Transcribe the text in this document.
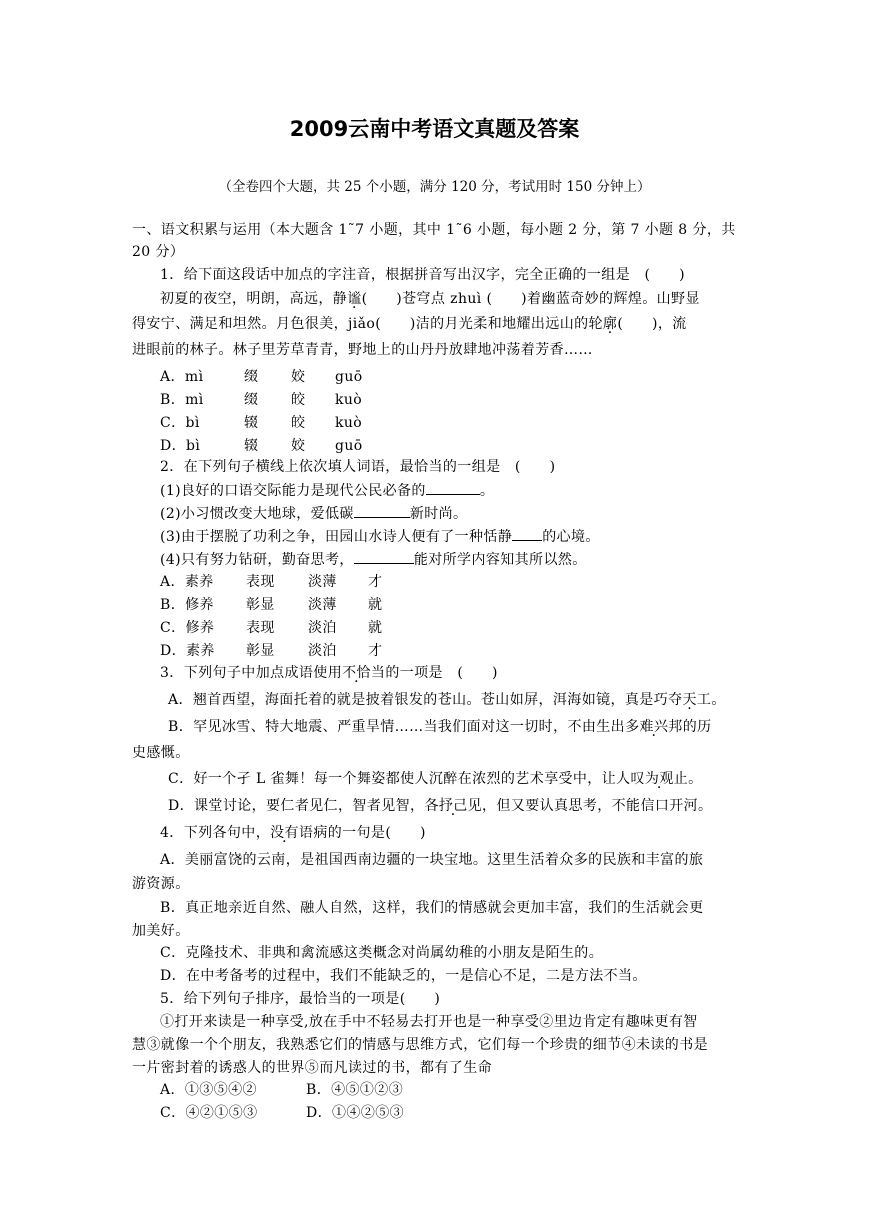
2009云南中考语文真题及答案
（全卷四个大题，共 25 个小题，满分 120 分，考试用时 150 分钟上）
一、语文积累与运用（本大题含 1˜7 小题，其中 1˜6 小题，每小题 2 分，第 7 小题 8 分，共
20 分）
1．给下面这段话中加点的字注音，根据拼音写出汉字，完全正确的一组是　(　　)
初夏的夜空，明朗，高远，静谧(　　)苍穹点 zhuì (　　)着幽蓝奇妙的辉煌。山野显
得安宁、满足和坦然。月色很美，jiǎo(　　)洁的月光柔和地耀出远山的轮廓(　　)，流
进眼前的林子。林子里芳草青青，野地上的山丹丹放肆地冲荡着芳香……
A．mì	缀 姣 guō
B．mì	缀 皎 kuò
C．bì	辍 皎 kuò
D．bì	辍 姣 guō
2．在下列句子横线上依次填人词语，最恰当的一组是　(　　)
(1)良好的口语交际能力是现代公民必备的	。
(2)小习惯改变大地球，爱低碳	新时尚。
(3)由于摆脱了功利之争，田园山水诗人便有了一种恬静 的心境。
(4)只有努力钻研，勤奋思考，	能对所学内容知其所以然。
A．素养 表现 淡薄 才
B．修养 彰显 淡薄 就
C．修养 表现 淡泊 就
D．素养 彰显 淡泊 才
3．下列句子中加点成语使用不恰当的一项是　(　　)
A．翘首西望，海面托着的就是披着银发的苍山。苍山如屏，洱海如镜，真是巧夺天工。
B．罕见冰雪、特大地震、严重旱情……当我们面对这一切时，不由生出多难兴邦的历
史感慨。
C．好一个孑 L 雀舞！每一个舞姿都使人沉醉在浓烈的艺术享受中，让人叹为观止。
D．课堂讨论，要仁者见仁，智者见智，各抒己见，但又要认真思考，不能信口开河。
4．下列各句中，没有语病的一句是(　　)
A．美丽富饶的云南，是祖国西南边疆的一块宝地。这里生活着众多的民族和丰富的旅
游资源。
B．真正地亲近自然、融人自然，这样，我们的情感就会更加丰富，我们的生活就会更
加美好。
C．克隆技术、非典和禽流感这类概念对尚属幼稚的小朋友是陌生的。
D．在中考备考的过程中，我们不能缺乏的，一是信心不足，二是方法不当。
5．给下列句子排序，最恰当的一项是(　　)
①打开来读是一种享受,放在手中不轻易去打开也是一种享受②里边肯定有趣味更有智
慧③就像一个个朋友，我熟悉它们的情感与思维方式，它们每一个珍贵的细节④未读的书是
一片密封着的诱惑人的世界⑤而凡读过的书，都有了生命
A．①③⑤④②	B．④⑤①②③
C．④②①⑤③	D．①④②⑤③
